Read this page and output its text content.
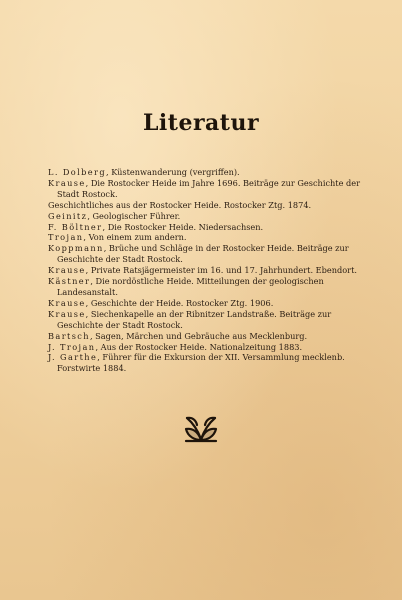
Literatur

L. Dolberg, Küstenwanderung (vergriffen).

Krause, Die Rostocker Heide im Jahre 1696. Beiträge zur Geschichte der Stadt Rostock.

Geschichtliches aus der Rostocker Heide. Rostocker Ztg. 1874.

Geinitz, Geologischer Führer.

F. Böltner, Die Rostocker Heide. Niedersachsen.

Trojan, Von einem zum andern.

Koppmann, Brüche und Schläge in der Rostocker Heide. Beiträge zur Geschichte der Stadt Rostock.

Krause, Private Ratsjägermeister im 16. und 17. Jahrhundert. Ebendort.

Kästner, Die nordöstliche Heide. Mitteilungen der geologischen Landesanstalt.

Krause, Geschichte der Heide. Rostocker Ztg. 1906.

Krause, Siechenkapelle an der Ribnitzer Landstraße. Beiträge zur Geschichte der Stadt Rostock.

Bartsch, Sagen, Märchen und Gebräuche aus Mecklenburg.

J. Trojan, Aus der Rostocker Heide. Nationalzeitung 1883.

J. Garthe, Führer für die Exkursion der XII. Versammlung mecklenb. Forstwirte 1884.
